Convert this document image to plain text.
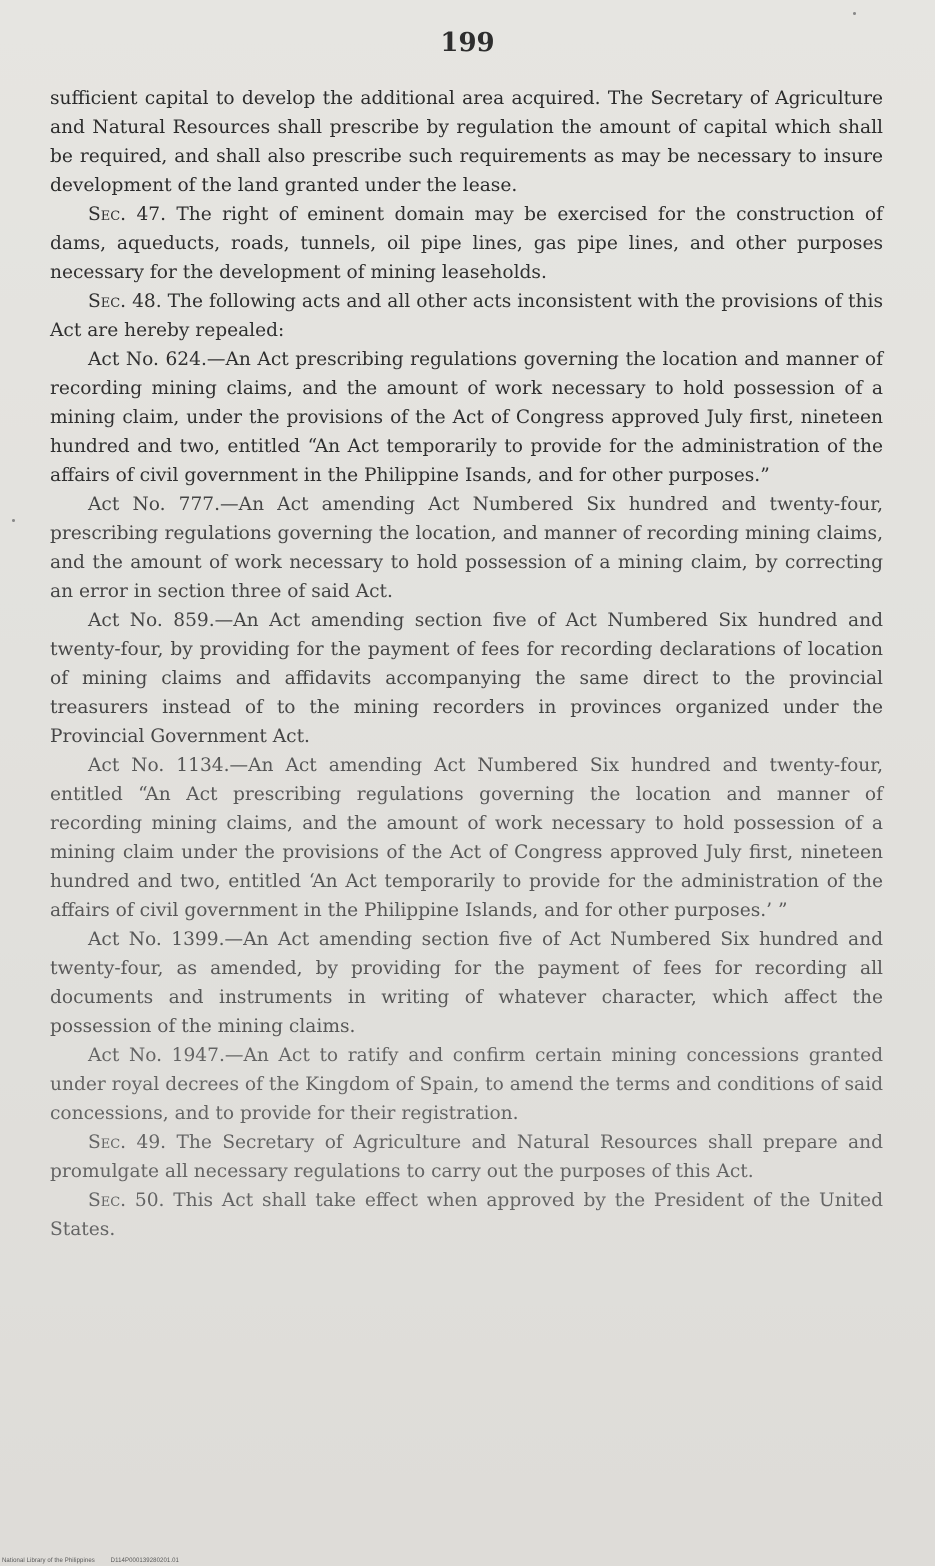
199

sufficient capital to develop the additional area acquired. The Secretary of Agriculture and Natural Resources shall prescribe by regulation the amount of capital which shall be required, and shall also prescribe such requirements as may be necessary to insure development of the land granted under the lease.

Sec. 47. The right of eminent domain may be exercised for the construction of dams, aqueducts, roads, tunnels, oil pipe lines, gas pipe lines, and other purposes necessary for the development of mining leaseholds.

Sec. 48. The following acts and all other acts inconsistent with the provisions of this Act are hereby repealed:

Act No. 624.—An Act prescribing regulations governing the location and manner of recording mining claims, and the amount of work necessary to hold possession of a mining claim, under the provisions of the Act of Congress approved July first, nineteen hundred and two, entitled “An Act temporarily to provide for the administration of the affairs of civil government in the Philippine Isands, and for other purposes.”

Act No. 777.—An Act amending Act Numbered Six hundred and twenty-four, prescribing regulations governing the location, and manner of recording mining claims, and the amount of work necessary to hold possession of a mining claim, by correcting an error in section three of said Act.

Act No. 859.—An Act amending section five of Act Numbered Six hundred and twenty-four, by providing for the payment of fees for recording declarations of location of mining claims and affidavits accompanying the same direct to the provincial treasurers instead of to the mining recorders in provinces organized under the Provincial Government Act.

Act No. 1134.—An Act amending Act Numbered Six hundred and twenty-four, entitled “An Act prescribing regulations governing the location and manner of recording mining claims, and the amount of work necessary to hold possession of a mining claim under the provisions of the Act of Congress approved July first, nineteen hundred and two, entitled ‘An Act temporarily to provide for the administration of the affairs of civil government in the Philippine Islands, and for other purposes.’ ”

Act No. 1399.—An Act amending section five of Act Numbered Six hundred and twenty-four, as amended, by providing for the payment of fees for recording all documents and instruments in writing of whatever character, which affect the possession of the mining claims.

Act No. 1947.—An Act to ratify and confirm certain mining concessions granted under royal decrees of the Kingdom of Spain, to amend the terms and conditions of said concessions, and to provide for their registration.

Sec. 49. The Secretary of Agriculture and Natural Resources shall prepare and promulgate all necessary regulations to carry out the purposes of this Act.

Sec. 50. This Act shall take effect when approved by the President of the United States.

National Library of the Philippines	D114P000139280201.01
